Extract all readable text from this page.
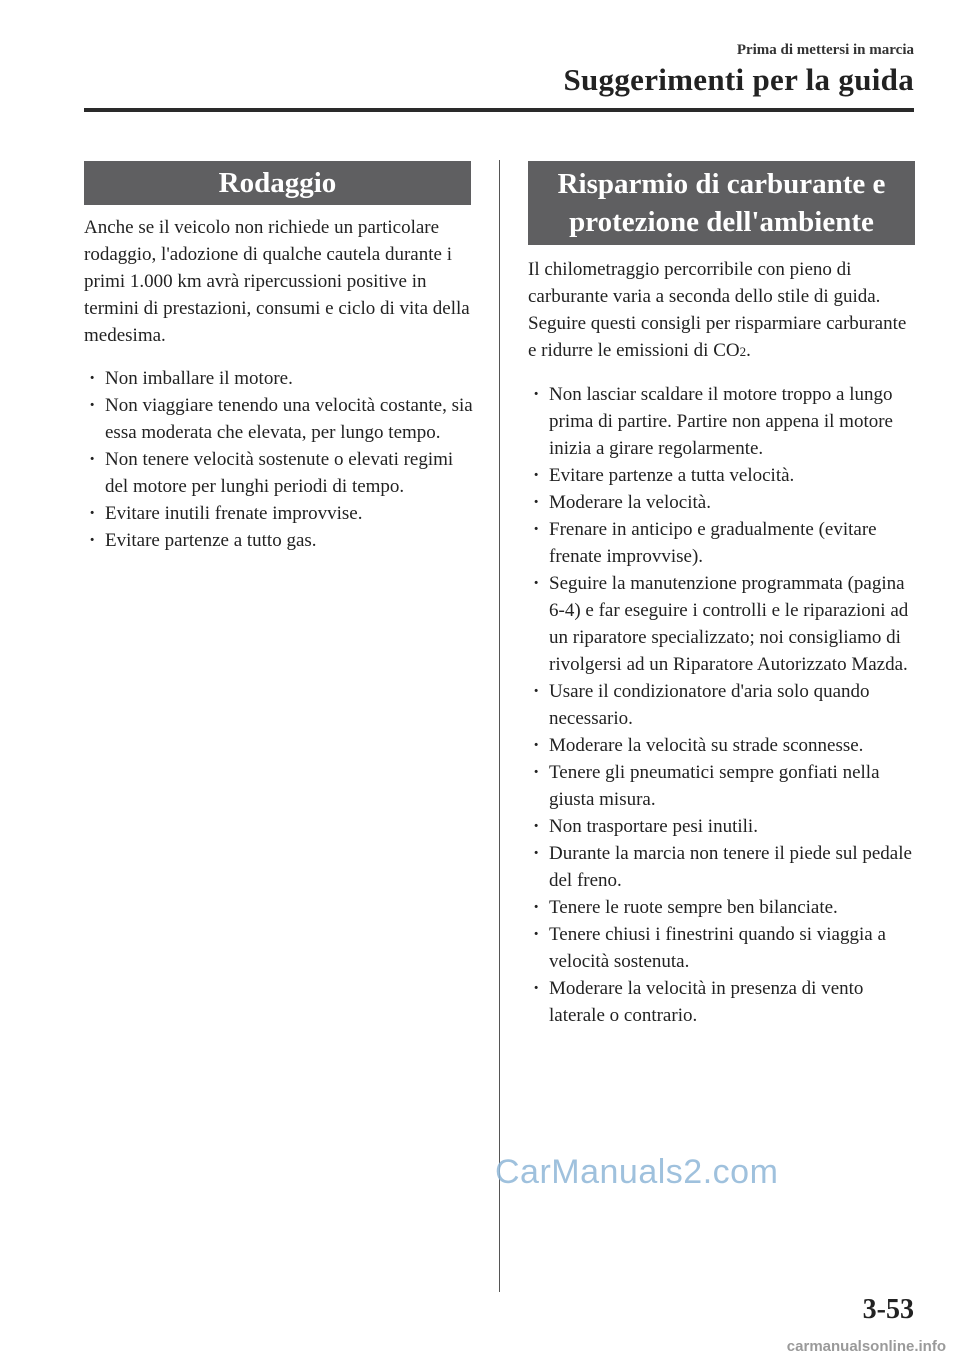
Prima di mettersi in marcia
Suggerimenti per la guida
Rodaggio

Anche se il veicolo non richiede un particolare rodaggio, l'adozione di qualche cautela durante i primi 1.000 km avrà ripercussioni positive in termini di prestazioni, consumi e ciclo di vita della medesima.

· Non imballare il motore.
· Non viaggiare tenendo una velocità costante, sia essa moderata che elevata, per lungo tempo.
· Non tenere velocità sostenute o elevati regimi del motore per lunghi periodi di tempo.
· Evitare inutili frenate improvvise.
· Evitare partenze a tutto gas.
Risparmio di carburante e
protezione dell'ambiente

Il chilometraggio percorribile con pieno di carburante varia a seconda dello stile di guida. Seguire questi consigli per risparmiare carburante e ridurre le emissioni di CO2.

· Non lasciar scaldare il motore troppo a lungo prima di partire. Partire non appena il motore inizia a girare regolarmente.
· Evitare partenze a tutta velocità.
· Moderare la velocità.
· Frenare in anticipo e gradualmente (evitare frenate improvvise).
· Seguire la manutenzione programmata (pagina 6-4) e far eseguire i controlli e le riparazioni ad un riparatore specializzato; noi consigliamo di rivolgersi ad un Riparatore Autorizzato Mazda.
· Usare il condizionatore d'aria solo quando necessario.
· Moderare la velocità su strade sconnesse.
· Tenere gli pneumatici sempre gonfiati nella giusta misura.
· Non trasportare pesi inutili.
· Durante la marcia non tenere il piede sul pedale del freno.
· Tenere le ruote sempre ben bilanciate.
· Tenere chiusi i finestrini quando si viaggia a velocità sostenuta.
· Moderare la velocità in presenza di vento laterale o contrario.
CarManuals2.com
3-53
carmanualsonline.info
